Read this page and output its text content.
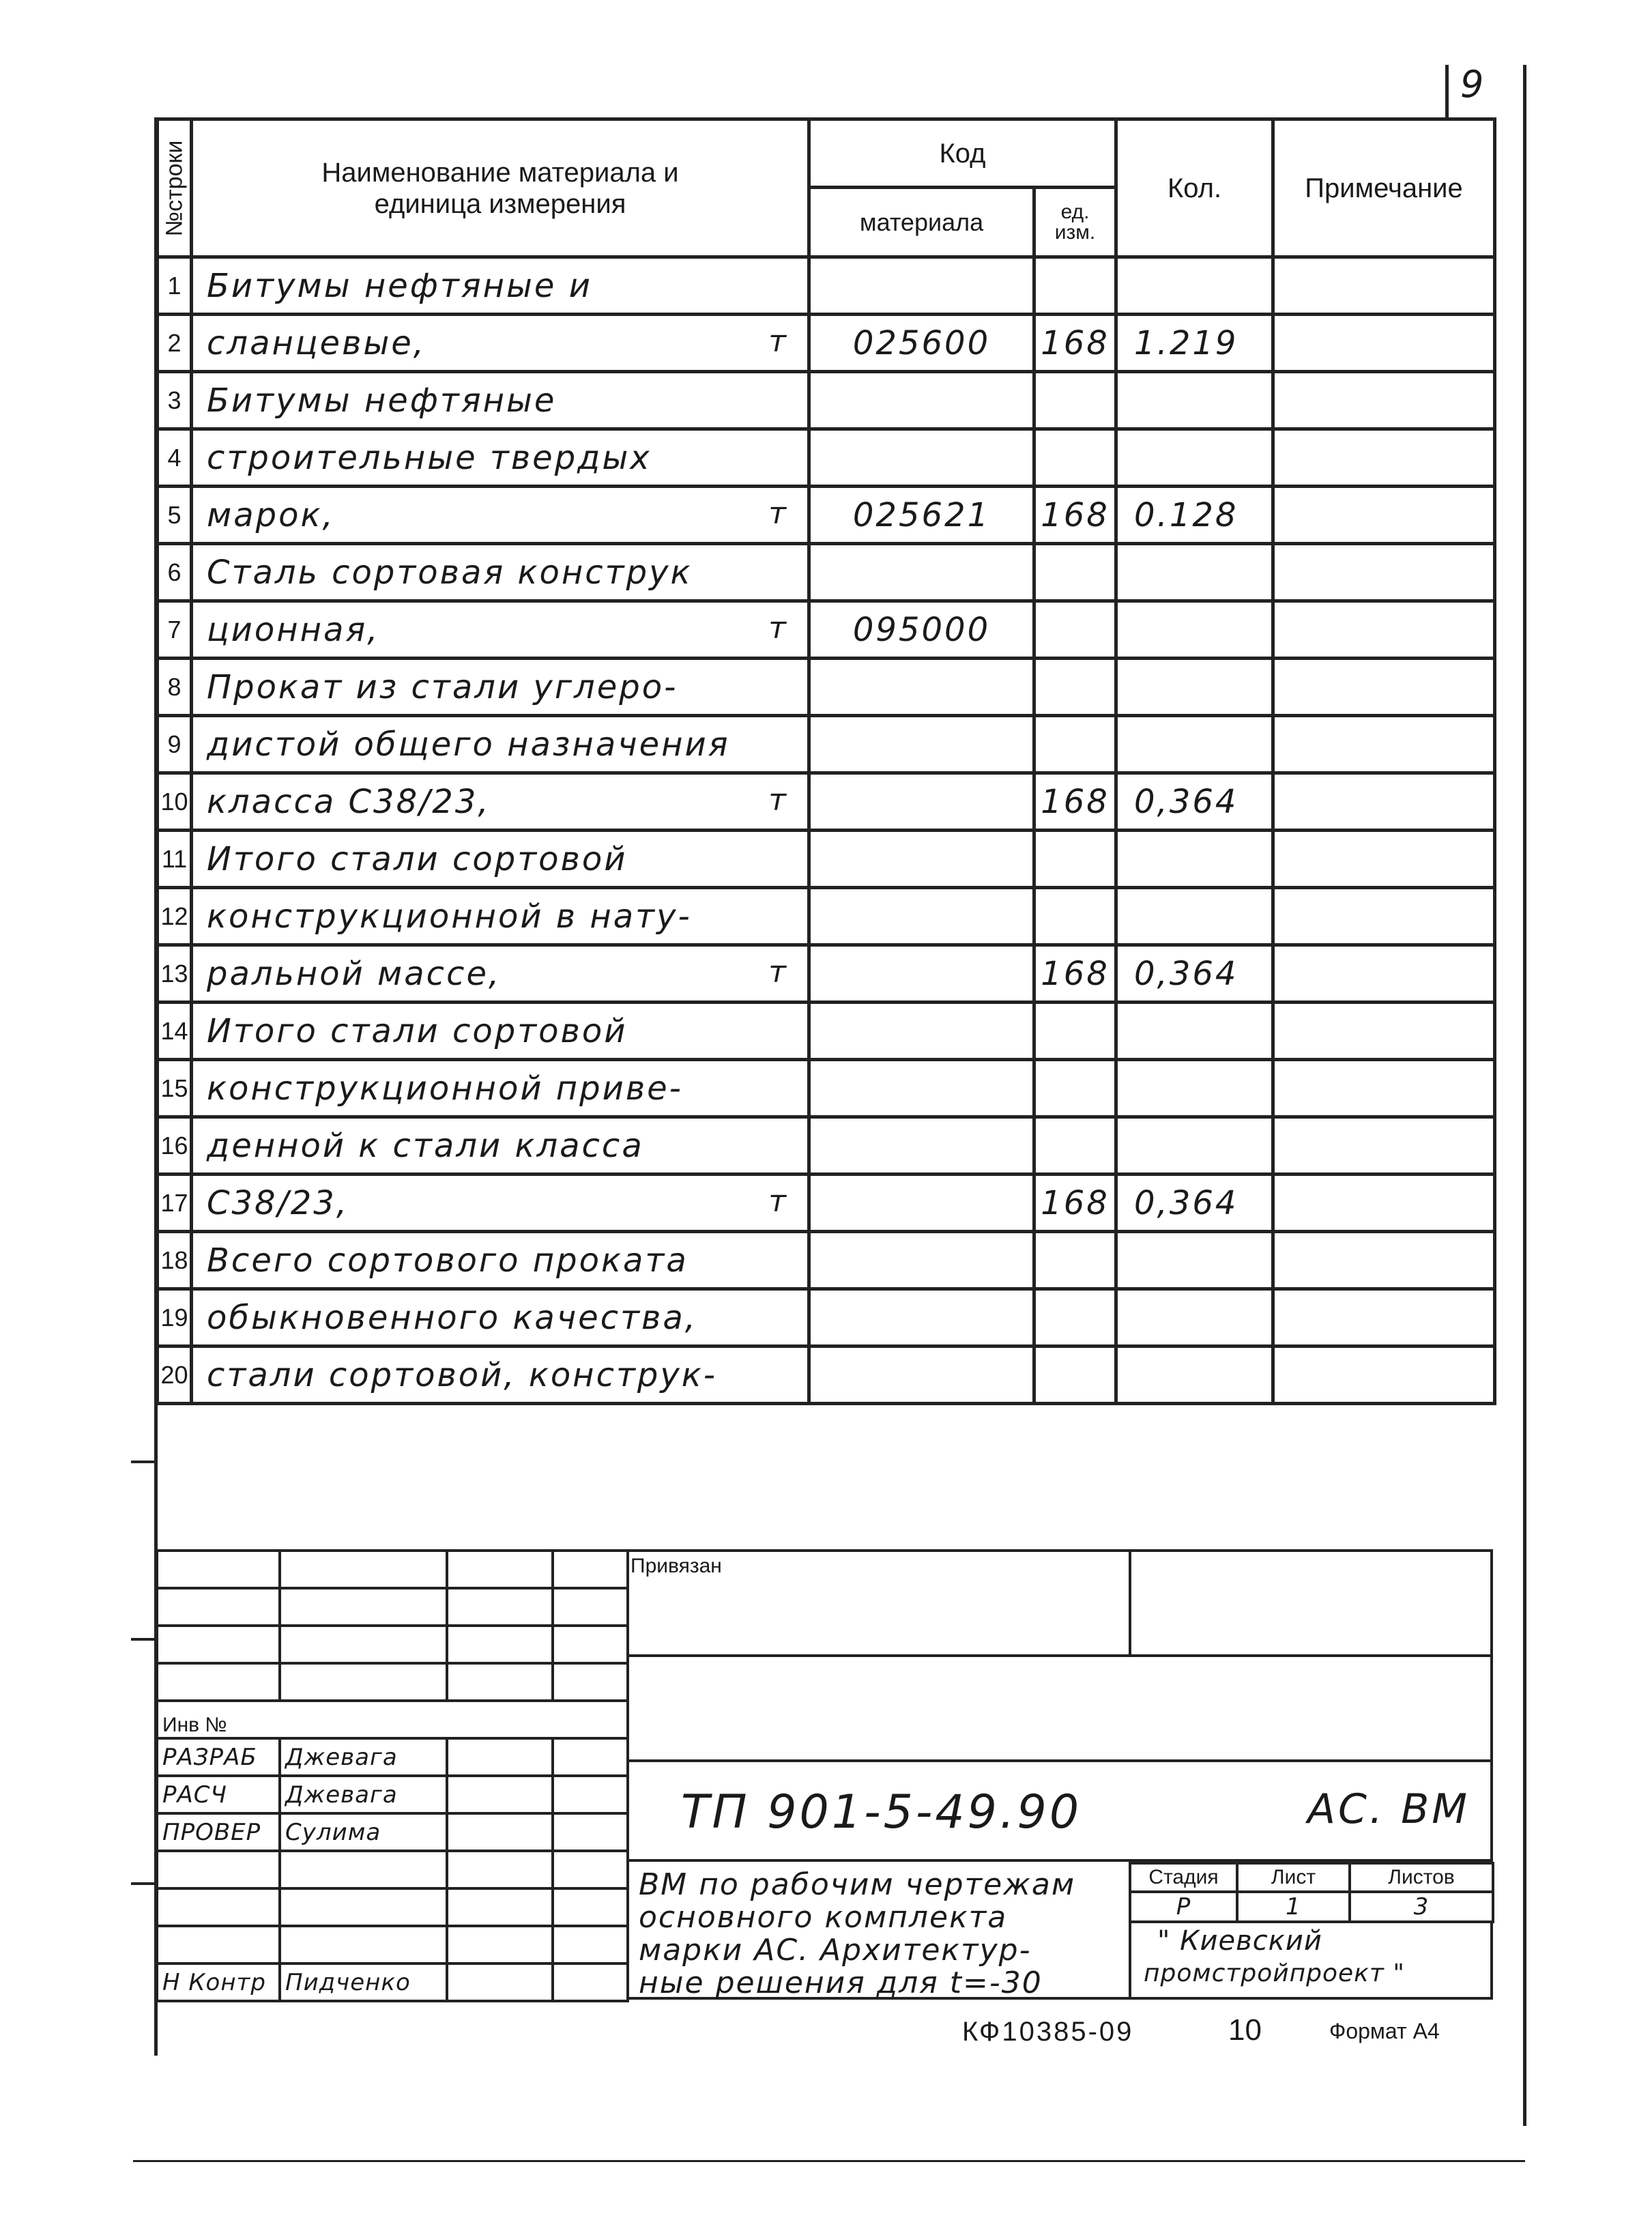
9
№строки	Наименование материала и
единица измерения	Код		Кол.	Примечание
		материала	ед.
изм.		
1	Битумы нефтяные и				
2	сланцевые, т	025600	168	1.219	
3	Битумы нефтяные				
4	строительные твердых				
5	марок, т	025621	168	0.128	
6	Сталь сортовая конструк				
7	ционная, т	095000			
8	Прокат из стали углеро-				
9	дистой общего назначения				
10	класса С38/23, т		168	0,364	
11	Итого стали сортовой				
12	конструкционной в нату-				
13	ральной массе, т		168	0,364	
14	Итого стали сортовой				
15	конструкционной приве-				
16	денной к стали класса				
17	С38/23, т		168	0,364	
18	Всего сортового проката				
19	обыкновенного качества,				
20	стали сортовой, конструк-				

Инв №			
РАЗРАБ	Джевага		
РАСЧ	Джевага		
ПРОВЕР	Сулима		

Н Контр	Пидченко		
Привязан
ТП 901-5-49.90	АС. ВМ
ВМ по рабочим чертежам
основного комплекта
марки АС. Архитектур-
ные решения для t=-30
Стадия	Лист	Листов
Р	1	3
" Киевский
промстройпроект "
КФ10385-09	10	Формат А4
